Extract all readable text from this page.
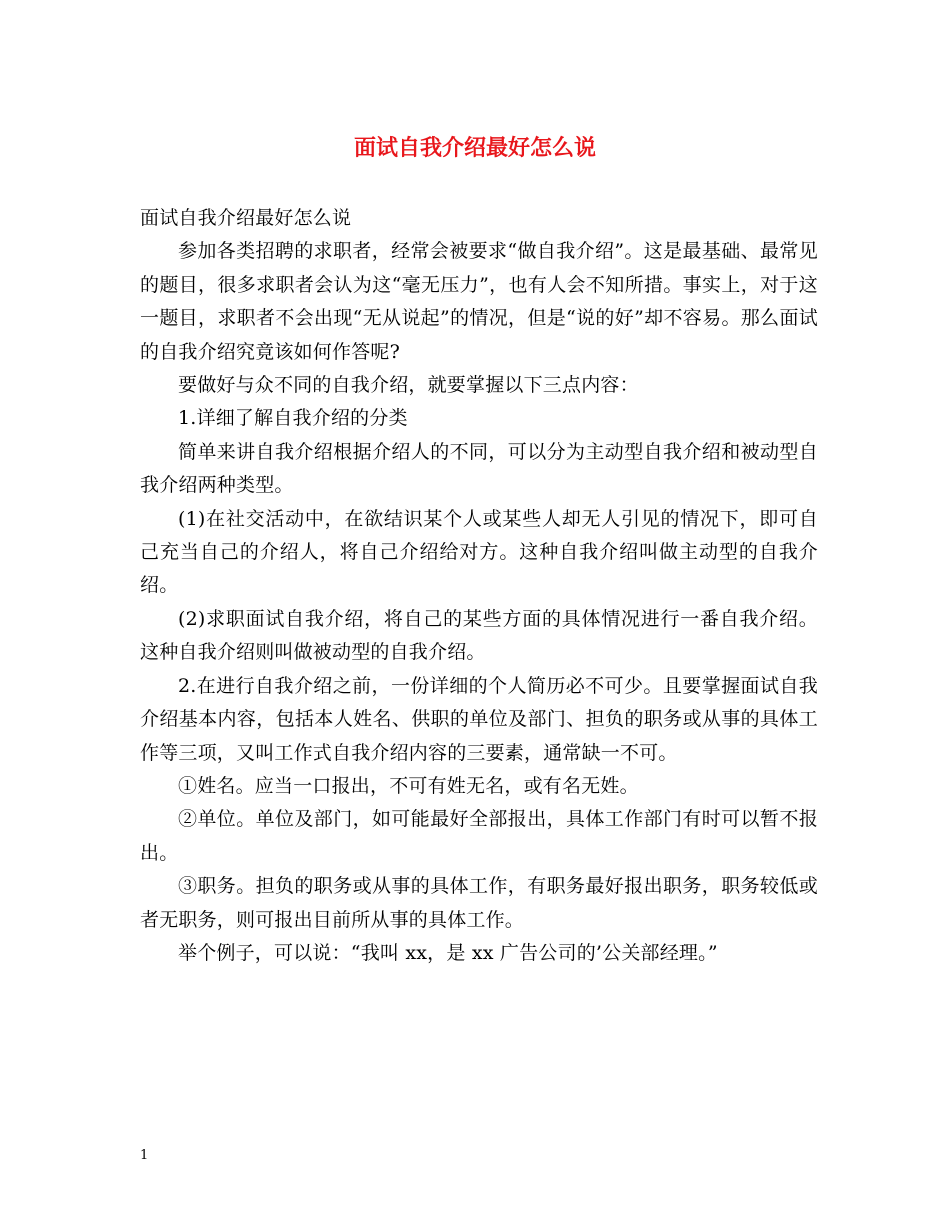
面试自我介绍最好怎么说

面试自我介绍最好怎么说

参加各类招聘的求职者，经常会被要求“做自我介绍”。这是最基础、最常见的题目，很多求职者会认为这“毫无压力”，也有人会不知所措。事实上，对于这一题目，求职者不会出现“无从说起”的情况，但是“说的好”却不容易。那么面试的自我介绍究竟该如何作答呢?

要做好与众不同的自我介绍，就要掌握以下三点内容：

1.详细了解自我介绍的分类

简单来讲自我介绍根据介绍人的不同，可以分为主动型自我介绍和被动型自我介绍两种类型。

(1)在社交活动中，在欲结识某个人或某些人却无人引见的情况下，即可自己充当自己的介绍人，将自己介绍给对方。这种自我介绍叫做主动型的自我介绍。

(2)求职面试自我介绍，将自己的某些方面的具体情况进行一番自我介绍。这种自我介绍则叫做被动型的自我介绍。

2.在进行自我介绍之前，一份详细的个人简历必不可少。且要掌握面试自我介绍基本内容，包括本人姓名、供职的单位及部门、担负的职务或从事的具体工作等三项，又叫工作式自我介绍内容的三要素，通常缺一不可。

①姓名。应当一口报出，不可有姓无名，或有名无姓。

②单位。单位及部门，如可能最好全部报出，具体工作部门有时可以暂不报出。

③职务。担负的职务或从事的具体工作，有职务最好报出职务，职务较低或者无职务，则可报出目前所从事的具体工作。

举个例子，可以说：“我叫 xx，是 xx 广告公司的’公关部经理。”

1
